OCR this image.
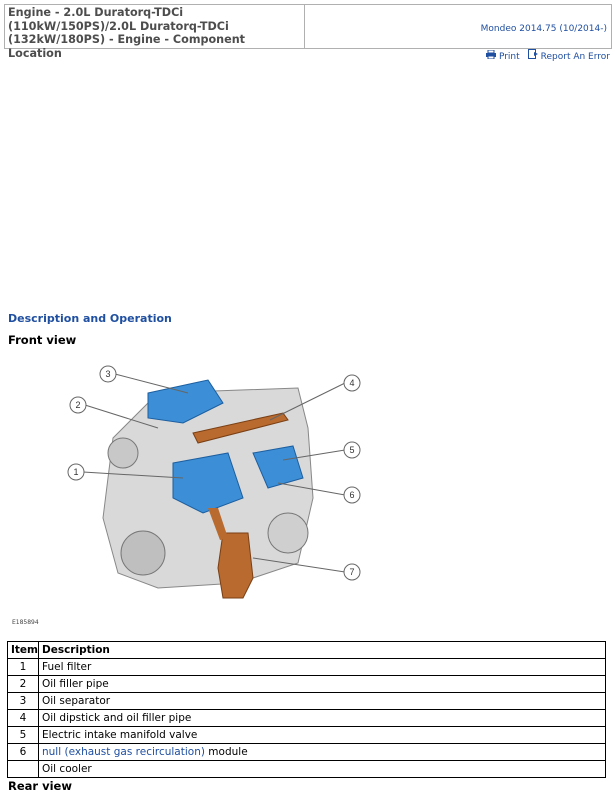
Engine - 2.0L Duratorq-TDCi (110kW/150PS)/2.0L Duratorq-TDCi (132kW/180PS) - Engine - Component Location
Mondeo 2014.75 (10/2014-)
Print	Report An Error
Description and Operation
Front view
1
2
3
4
5
6
7
E185894
Item	Description
1	Fuel filter
2	Oil filler pipe
3	Oil separator
4	Oil dipstick and oil filler pipe
5	Electric intake manifold valve
6	null (exhaust gas recirculation) module
	Oil cooler
Rear view
